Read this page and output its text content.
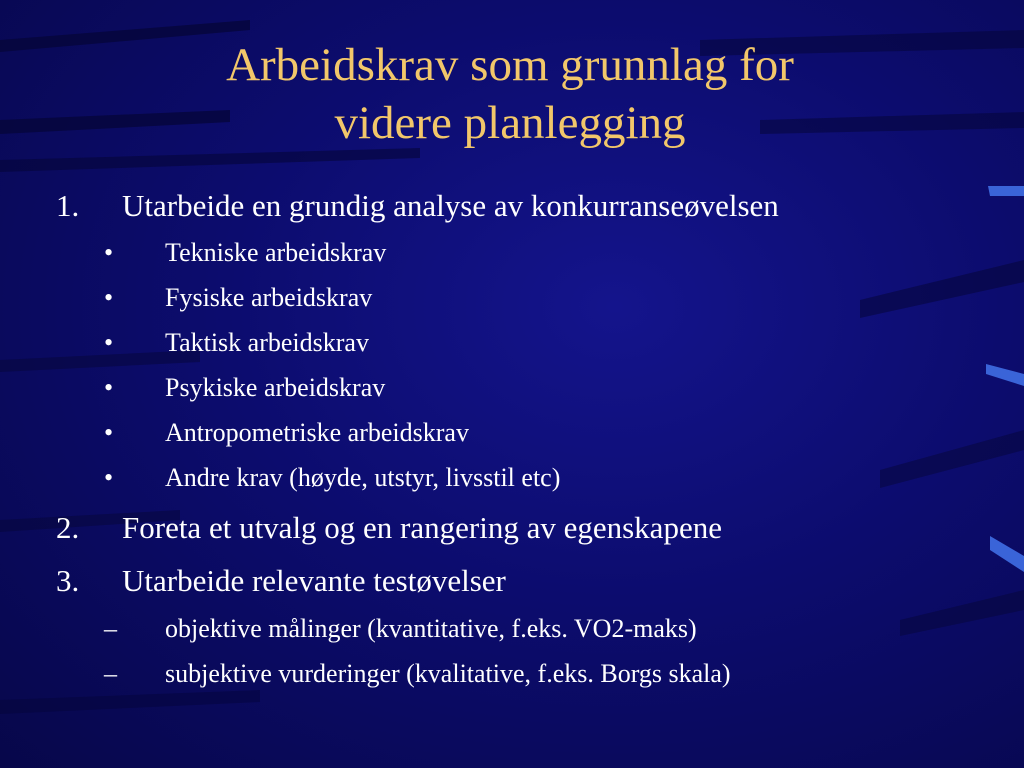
Arbeidskrav som grunnlag for
videre planlegging
1. Utarbeide en grundig analyse av konkurranseøvelsen
• Tekniske arbeidskrav
• Fysiske arbeidskrav
• Taktisk arbeidskrav
• Psykiske arbeidskrav
• Antropometriske arbeidskrav
• Andre krav (høyde, utstyr, livsstil etc)
2. Foreta et utvalg og en rangering av egenskapene
3. Utarbeide relevante testøvelser
– objektive målinger (kvantitative, f.eks. VO2-maks)
– subjektive vurderinger (kvalitative, f.eks. Borgs skala)
